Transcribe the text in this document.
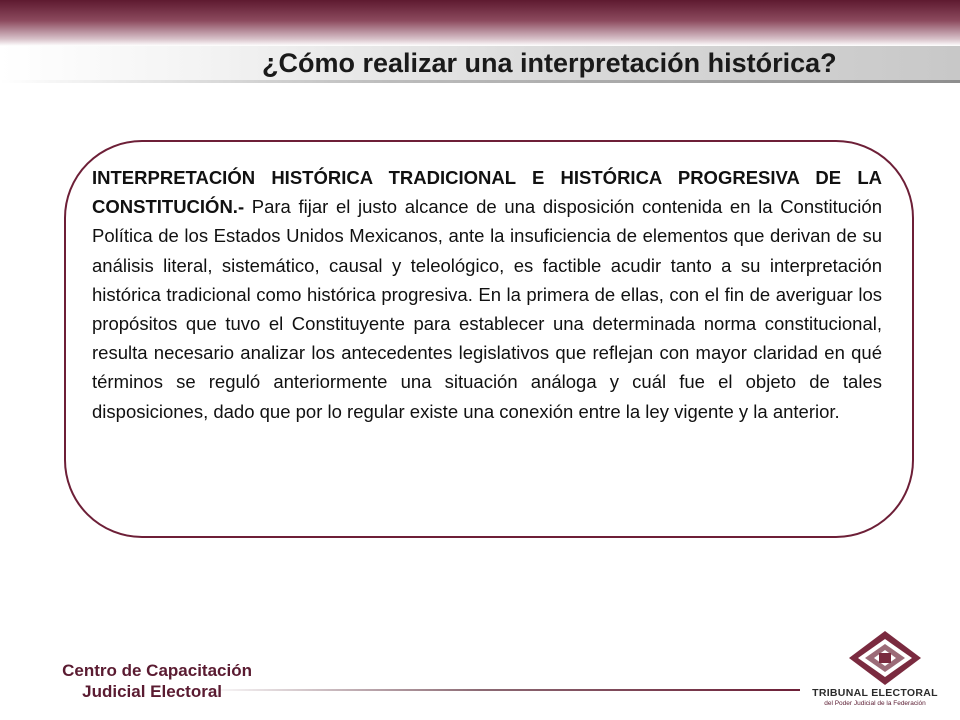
¿Cómo realizar una interpretación histórica?

INTERPRETACIÓN HISTÓRICA TRADICIONAL E HISTÓRICA PROGRESIVA DE LA CONSTITUCIÓN.- Para fijar el justo alcance de una disposición contenida en la Constitución Política de los Estados Unidos Mexicanos, ante la insuficiencia de elementos que derivan de su análisis literal, sistemático, causal y teleológico, es factible acudir tanto a su interpretación histórica tradicional como histórica progresiva. En la primera de ellas, con el fin de averiguar los propósitos que tuvo el Constituyente para establecer una determinada norma constitucional, resulta necesario analizar los antecedentes legislativos que reflejan con mayor claridad en qué términos se reguló anteriormente una situación análoga y cuál fue el objeto de tales disposiciones, dado que por lo regular existe una conexión entre la ley vigente y la anterior.

Centro de Capacitación
Judicial Electoral	TRIBUNAL ELECTORAL
del Poder Judicial de la Federación
